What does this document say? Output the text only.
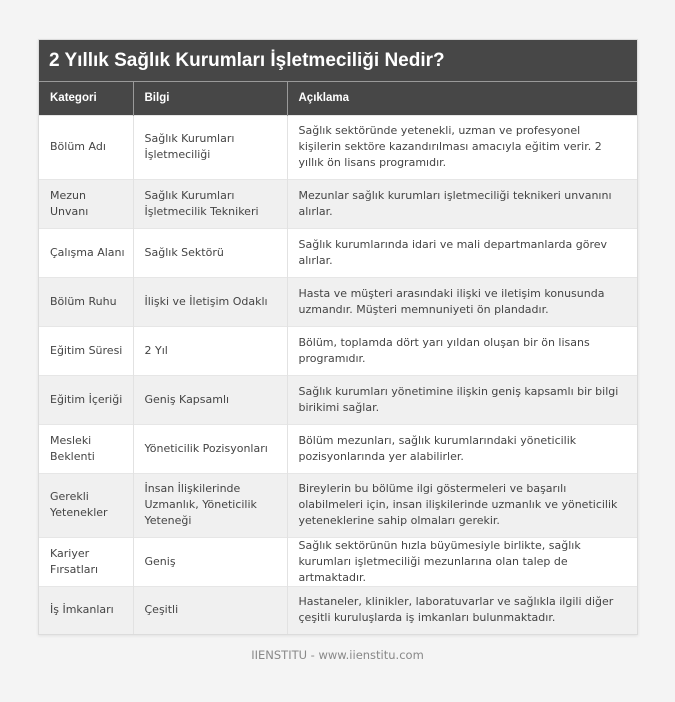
2 Yıllık Sağlık Kurumları İşletmeciliği Nedir?
Kategori	Bilgi	Açıklama
Bölüm Adı	Sağlık Kurumları İşletmeciliği	Sağlık sektöründe yetenekli, uzman ve profesyonel kişilerin sektöre kazandırılması amacıyla eğitim verir. 2 yıllık ön lisans programıdır.
Mezun Unvanı	Sağlık Kurumları İşletmecilik Teknikeri	Mezunlar sağlık kurumları işletmeciliği teknikeri unvanını alırlar.
Çalışma Alanı	Sağlık Sektörü	Sağlık kurumlarında idari ve mali departmanlarda görev alırlar.
Bölüm Ruhu	İlişki ve İletişim Odaklı	Hasta ve müşteri arasındaki ilişki ve iletişim konusunda uzmandır. Müşteri memnuniyeti ön plandadır.
Eğitim Süresi	2 Yıl	Bölüm, toplamda dört yarı yıldan oluşan bir ön lisans programıdır.
Eğitim İçeriği	Geniş Kapsamlı	Sağlık kurumları yönetimine ilişkin geniş kapsamlı bir bilgi birikimi sağlar.
Mesleki Beklenti	Yöneticilik Pozisyonları	Bölüm mezunları, sağlık kurumlarındaki yöneticilik pozisyonlarında yer alabilirler.
Gerekli Yetenekler	İnsan İlişkilerinde Uzmanlık, Yöneticilik Yeteneği	Bireylerin bu bölüme ilgi göstermeleri ve başarılı olabilmeleri için, insan ilişkilerinde uzmanlık ve yöneticilik yeteneklerine sahip olmaları gerekir.
Kariyer Fırsatları	Geniş	Sağlık sektörünün hızla büyümesiyle birlikte, sağlık kurumları işletmeciliği mezunlarına olan talep de artmaktadır.
İş İmkanları	Çeşitli	Hastaneler, klinikler, laboratuvarlar ve sağlıkla ilgili diğer çeşitli kuruluşlarda iş imkanları bulunmaktadır.
IIENSTITU - www.iienstitu.com
